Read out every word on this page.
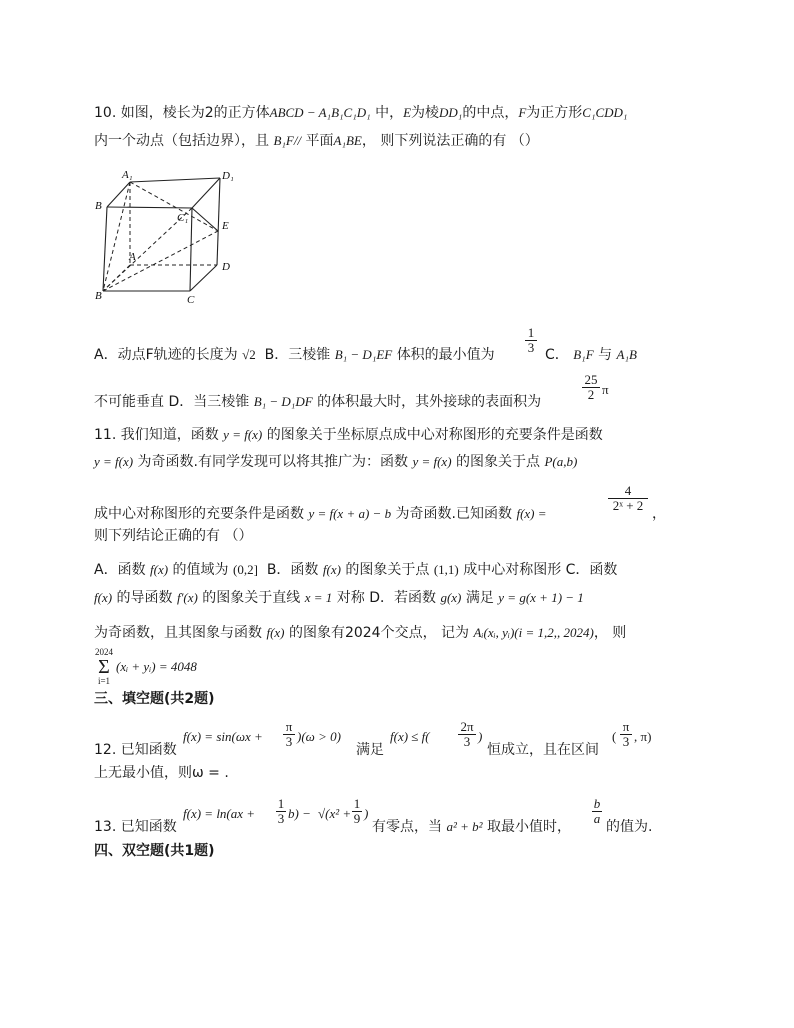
10. 如图，棱长为2的正方体ABCD − A₁B₁C₁D₁ 中，E为棱DD₁的中点，F为正方形C₁CDD₁
内一个动点（包括边界），且 B₁F// 平面A₁BE， 则下列说法正确的有 （）
A₁	D₁
B
C₁
E
A
D
B	C
A．动点F轨迹的长度为 √2 B．三棱锥 B₁ − D₁EF 体积的最小值为 $\frac{1}{3}$ C． B₁F 与 A₁B
不可能垂直 D．当三棱锥 B₁ − D₁DF 的体积最大时，其外接球的表面积为	$\frac{25}{2}$ π
11. 我们知道，函数 y = f(x) 的图象关于坐标原点成中心对称图形的充要条件是函数
y = f(x) 为奇函数.有同学发现可以将其推广为：函数 y = f(x) 的图象关于点 P(a,b)
成中心对称图形的充要条件是函数 y = f(x + a) − b 为奇函数.已知函数 f(x) =
$\frac{4}{\text{2ˣ + 2}}$
，
则下列结论正确的有 （）
A．函数 f(x) 的值域为 (0,2] B．函数 f(x) 的图象关于点 (1,1) 成中心对称图形 C．函数
f(x) 的导函数 f′(x) 的图象关于直线 x = 1 对称 D．若函数 g(x) 满足 y = g(x + 1) − 1
为奇函数，且其图象与函数 f(x) 的图象有2024个交点， 记为 Aᵢ(xᵢ, yᵢ)(i = 1,2,, 2024)， 则
2024
Σ
i=1
(xᵢ + yᵢ) = 4048
三、填空题(共2题)
12. 已知函数
$f(x) = \sin(\omega x + \frac{\pi}{3} )(\omega > 0)$
满足
$f(x) \le f( \frac{2\pi}{3}$ )
恒成立，且在区间
( $\frac{\pi}{3}$ , π)
上无最小值，则ω = .
13. 已知函数
$f(x) = \ln(ax + \frac{1}{3} b) - √(x^2 + \frac{1}{9}$ )
有零点，当 a² + b² 取最小值时，
$\frac{b}{a}$
的值为.
四、双空题(共1题)
